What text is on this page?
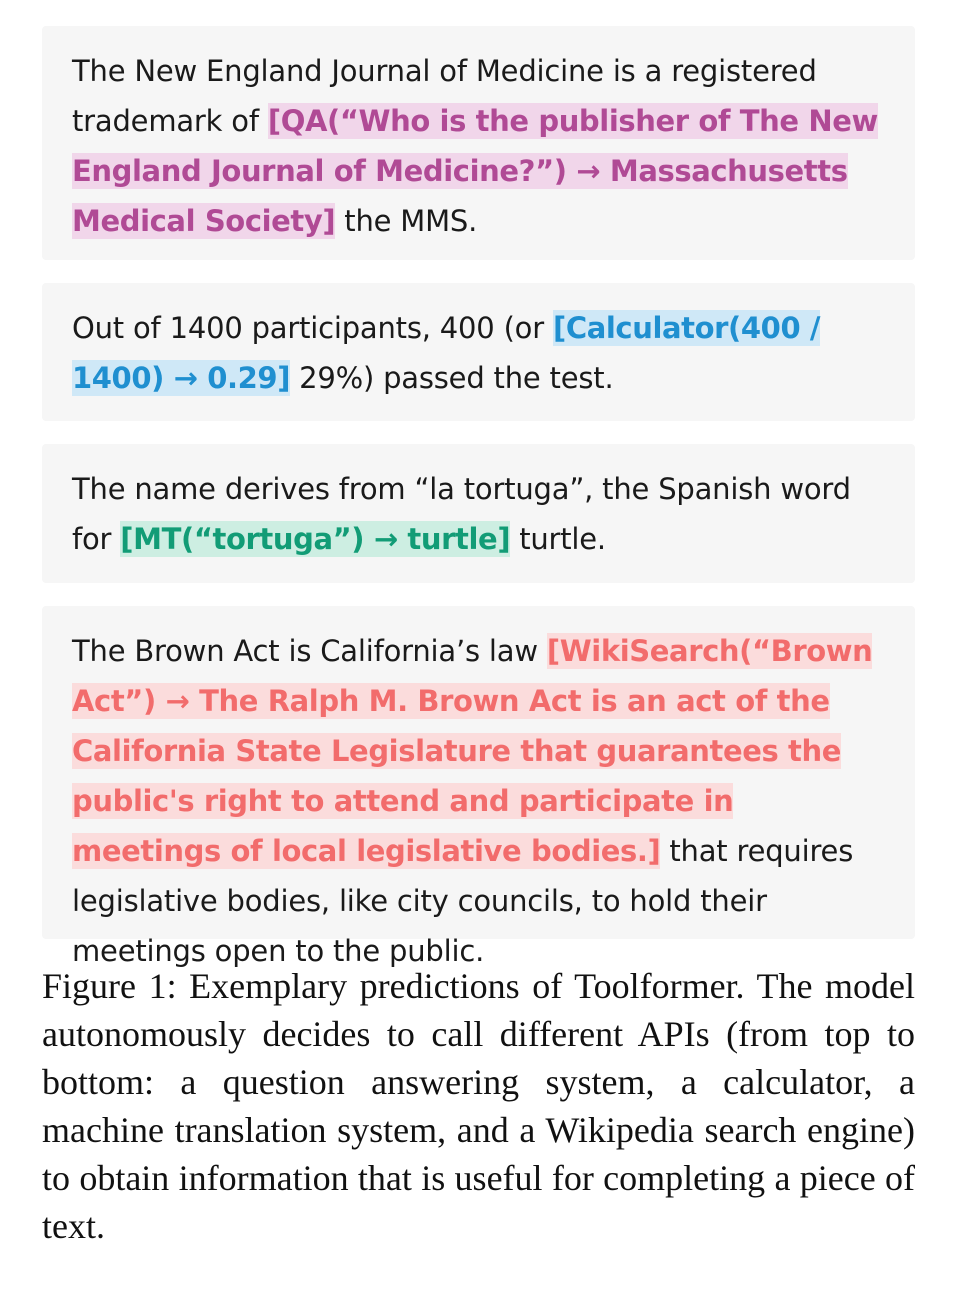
The New England Journal of Medicine is a registered trademark of [QA(“Who is the publisher of The New England Journal of Medicine?”) → Massachusetts Medical Society] the MMS.
Out of 1400 participants, 400 (or [Calculator(400 / 1400) → 0.29] 29%) passed the test.
The name derives from “la tortuga”, the Spanish word for [MT(“tortuga”) → turtle] turtle.
The Brown Act is California’s law [WikiSearch(“Brown Act”) → The Ralph M. Brown Act is an act of the California State Legislature that guarantees the public's right to attend and participate in meetings of local legislative bodies.] that requires legislative bodies, like city councils, to hold their meetings open to the public.
Figure 1: Exemplary predictions of Toolformer. The model autonomously decides to call different APIs (from top to bottom: a question answering system, a calculator, a machine translation system, and a Wikipedia search engine) to obtain information that is useful for completing a piece of text.
